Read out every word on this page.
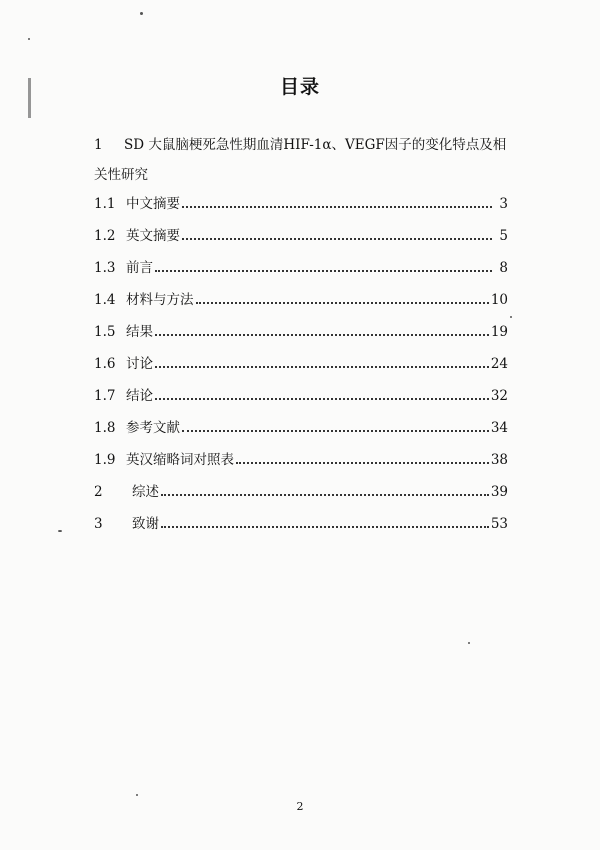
目录
1 SD 大鼠脑梗死急性期血清HIF-1α、VEGF因子的变化特点及相关性研究
1.1 中文摘要	3
1.2 英文摘要	5
1.3 前言	8
1.4 材料与方法	10
1.5 结果	19
1.6 讨论	24
1.7 结论	32
1.8 参考文献	34
1.9 英汉缩略词对照表	38
2	综述	39
3	致谢	53
2
